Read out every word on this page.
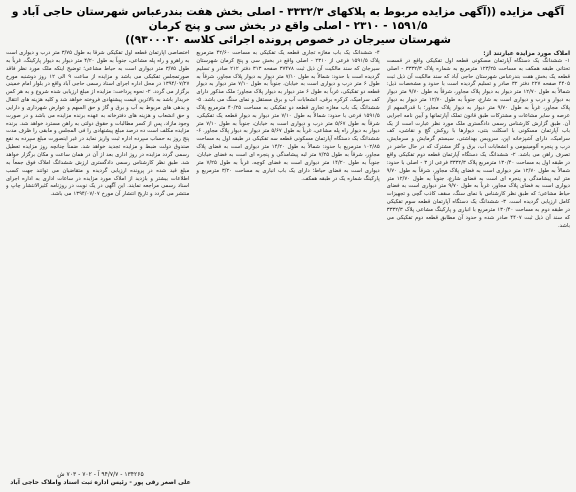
آگهی مزایده ((آگهی مزایده مربوط به پلاکهای ۳۳۳۲/۳ - اصلی بخش هفت بندرعباس شهرستان حاجی آباد و ۱۵۹۱/۵ - ۲۳۱۰ - اصلی واقع در بخش سی و پنج کرمان
شهرستان سیرجان در خصوص پرونده اجرائی کلاسه ۹۳۰۰۰۳۰))

املاک مورد مزایده عبارتند از:

۱- ششدانگ یک دستگاه آپارتمان مسکونی قطعه اول تفکیکی واقع در قسمت تحتانی طبقه همکف به مساحت ۱۲۳/۲۵ مترمربع به شماره پلاک ۳۳۳۲/۳ - اصلی قطعه یک بخش هفت بندرعباس شهرستان حاجی آباد که سند مالکیت آن ذیل ثبت ۴۴۰۵ صفحه ۲۲۷ دفتر ۳۲ صادر و تسلیم گردیده است با حدود و مشخصات ذیل: شمالاً به طول ۱۲/۷۰ متر دیوار به دیوار پلاک مجاور، شرقاً به طول ۹/۷۰ متر دیوار به دیوار و درب و دیواری است به شارع، جنوباً به طول ۱۲/۷۰ متر دیوار به دیوار پلاک مجاور، غرباً به طول ۹/۷۰ متر دیوار به دیوار پلاک مجاور؛ با قدرالسهم از عرصه و سایر مشاعات و مشترکات طبق قانون تملک آپارتمانها و آیین نامه اجرایی آن. طبق گزارش کارشناس رسمی دادگستری ملک مورد نظر عبارت است از یک باب آپارتمان مسکونی با اسکلت بتنی، دیوارها با روکش گچ و نقاشی، کف سرامیک، دارای آشپزخانه اپن، سرویس بهداشتی، سیستم گرمایش و سرمایش، درب و پنجره آلومینیومی و انشعابات آب، برق و گاز مشترک که در حال حاضر در تصرف راهن می باشد. ۲- ششدانگ یک دستگاه آپارتمان قطعه دوم تفکیکی واقع در طبقه اول به مساحت ۱۳۰/۴۰ مترمربع پلاک ۳۳۳۲/۳ فرعی از ۳ - اصلی با حدود: شمالاً به طول ۱۲/۷۰ متر دیواری است به فضای پلاک مجاور، شرقاً به طول ۹/۷۰ متر لبه پیشامدگی و پنجره ای است به فضای شارع، جنوباً به طول ۱۲/۷۰ متر دیواری است به فضای پلاک مجاور، غرباً به طول ۹/۷۰ متر دیواری است به فضای حیاط مشاعی؛ که طبق نظر کارشناس با نمای سنگ، سقف کاذب گچی و تجهیزات کامل ارزیابی گردیده است. ۳- ششدانگ یک دستگاه آپارتمان قطعه سوم تفکیکی در طبقه دوم به مساحت ۱۳۰/۴۰ مترمربع با انباری و پارکینگ مشاعی پلاک ۳۳۳۲/۳ که سند آن ذیل ثبت ۴۴۰۷ صادر شده و حدود آن مطابق قطعه دوم تفکیکی می باشد.

۴- ششدانگ یک باب مغازه تجاری قطعه یک تفکیکی به مساحت ۴۲/۶۰ مترمربع پلاک ۱۵۹۱/۵ فرعی از ۲۳۱۰ - اصلی واقع در بخش سی و پنج کرمان شهرستان سیرجان که سند مالکیت آن ذیل ثبت ۳۷۴۷۸ صفحه ۳۱۳ دفتر ۲۱۲ صادر و تسلیم گردیده است با حدود: شمالاً به طول ۷/۱۰ متر دیوار به دیوار پلاک مجاور، شرقاً به طول ۶ متر درب و دیواری است به خیابان، جنوباً به طول ۷/۱۰ متر دیوار به دیوار قطعه دو تفکیکی، غرباً به طول ۶ متر دیوار به دیوار پلاک مجاور؛ ملک مذکور دارای کف سرامیک، کرکره برقی، انشعابات آب و برق مستقل و نمای سنگ می باشد. ۵- ششدانگ یک باب مغازه تجاری قطعه دو تفکیکی به مساحت ۴۰/۲۵ مترمربع پلاک ۱۵۹۱/۵ فرعی با حدود: شمالاً به طول ۷/۱۰ متر دیوار به دیوار قطعه یک تفکیکی، شرقاً به طول ۵/۶۷ متر درب و دیواری است به خیابان، جنوباً به طول ۷/۱۰ متر دیوار به دیوار راه پله مشاعی، غرباً به طول ۵/۶۷ متر دیوار به دیوار پلاک مجاور. ۶- ششدانگ یک دستگاه آپارتمان مسکونی قطعه سه تفکیکی در طبقه اول به مساحت ۱۰۲/۸۵ مترمربع با حدود: شمالاً به طول ۱۴/۲۰ متر دیواری است به فضای پلاک مجاور، شرقاً به طول ۷/۲۵ متر لبه پیشامدگی و پنجره ای است به فضای خیابان، جنوباً به طول ۱۴/۲۰ متر دیواری است به فضای کوچه، غرباً به طول ۷/۲۵ متر دیواری است به فضای حیاط؛ دارای یک باب انباری به مساحت ۳/۲۰ مترمربع و پارکینگ شماره یک در طبقه همکف.

اختصاصی آپارتمان قطعه اول تفکیکی شرقاً به طول ۳/۷۵ متر درب و دیواری است به راهرو و راه پله مشاعی، جنوباً به طول ۴/۲۰ متر دیوار به دیوار پارکینگ، غرباً به طول ۳/۷۵ متر دیواری است به حیاط مشاعی؛ توضیح اینکه ملک مورد نظر فاقد صورتمجلس تفکیکی می باشد و مزایده از ساعت ۹ الی ۱۲ روز دوشنبه مورخ ۱۳۹۴/۰۷/۲۷ در محل اداره اجرای اسناد رسمی حاجی آباد واقع در بلوار امام خمینی برگزار می گردد. ۲- نحوه پرداخت: مزایده از مبلغ ارزیابی شده شروع و به هر کس خریدار باشد به بالاترین قیمت پیشنهادی فروخته خواهد شد و کلیه هزینه های انتقال و بدهی های مربوط به آب و برق و گاز و حق السهم و عوارض شهرداری و دارایی و حق انشعاب و هزینه های دفترخانه به عهده برنده مزایده می باشد و در صورت وجود مازاد، پس از کسر مطالبات و حقوق دولتی به راهن مسترد خواهد شد. برنده مزایده مکلف است ده درصد مبلغ پیشنهادی را فی المجلس و مابقی را ظرف مدت پنج روز به حساب سپرده اداره ثبت واریز نماید در غیر اینصورت مبلغ سپرده به نفع صندوق دولت ضبط و مزایده تجدید خواهد شد. ضمناً چنانچه روز مزایده تعطیل رسمی گردد مزایده در روز اداری بعد از آن در همان ساعت و مکان برگزار خواهد شد. طبق نظر کارشناس رسمی دادگستری ارزش ششدانگ املاک فوق جمعاً به مبلغ قید شده در پرونده ارزیابی گردیده و متقاضیان می توانند جهت کسب اطلاعات بیشتر و بازدید از املاک مورد مزایده در ساعات اداری به اداره اجرای اسناد رسمی مراجعه نمایند. این آگهی در یک نوبت در روزنامه کثیرالانتشار چاپ و منتشر می گردد و تاریخ انتشار آن مورخ ۱۳۹۴/۰۷/۰۷ می باشد.

۱۳۴۲۶۵ - ۹۴/۷/۷ آ - ۷۰۲ - ۷۰۳ ش
علی اصغر رقی پور - رئیس اداره ثبت اسناد واملاک حاجی آباد
